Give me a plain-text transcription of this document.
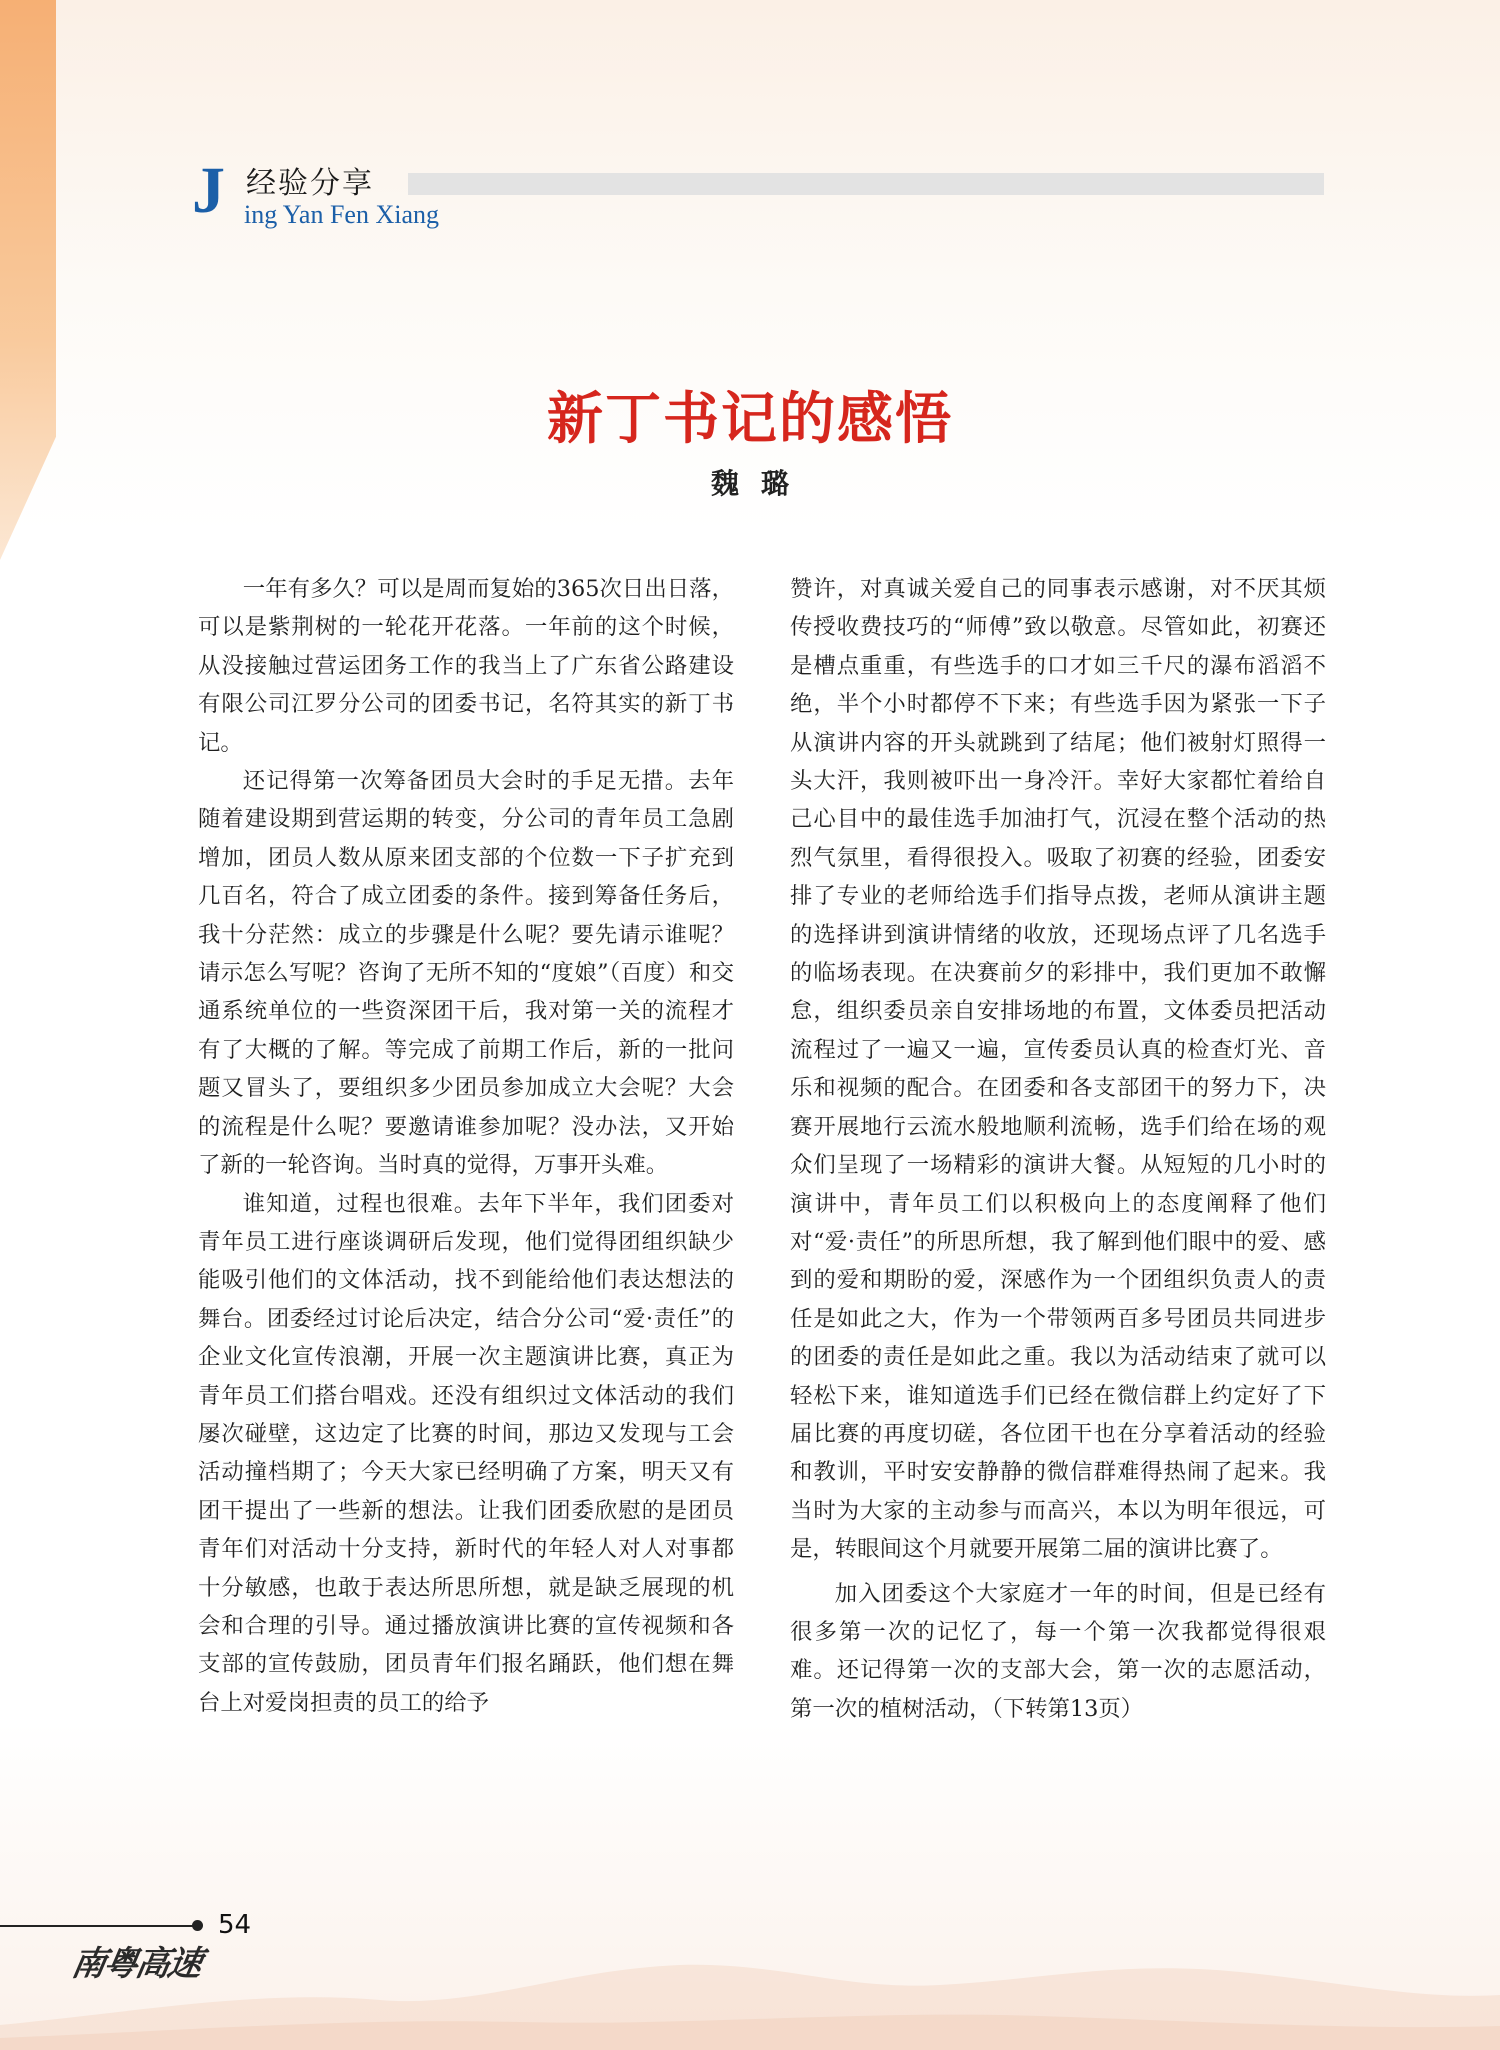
J 经验分享
ing Yan Fen Xiang
新丁书记的感悟
魏璐

一年有多久？可以是周而复始的365次日出日落，可以是紫荆树的一轮花开花落。一年前的这个时候，从没接触过营运团务工作的我当上了广东省公路建设有限公司江罗分公司的团委书记，名符其实的新丁书记。

还记得第一次筹备团员大会时的手足无措。去年随着建设期到营运期的转变，分公司的青年员工急剧增加，团员人数从原来团支部的个位数一下子扩充到几百名，符合了成立团委的条件。接到筹备任务后，我十分茫然：成立的步骤是什么呢？要先请示谁呢？请示怎么写呢？咨询了无所不知的“度娘”（百度）和交通系统单位的一些资深团干后，我对第一关的流程才有了大概的了解。等完成了前期工作后，新的一批问题又冒头了，要组织多少团员参加成立大会呢？大会的流程是什么呢？要邀请谁参加呢？没办法，又开始了新的一轮咨询。当时真的觉得，万事开头难。

谁知道，过程也很难。去年下半年，我们团委对青年员工进行座谈调研后发现，他们觉得团组织缺少能吸引他们的文体活动，找不到能给他们表达想法的舞台。团委经过讨论后决定，结合分公司“爱·责任”的企业文化宣传浪潮，开展一次主题演讲比赛，真正为青年员工们搭台唱戏。还没有组织过文体活动的我们屡次碰壁，这边定了比赛的时间，那边又发现与工会活动撞档期了；今天大家已经明确了方案，明天又有团干提出了一些新的想法。让我们团委欣慰的是团员青年们对活动十分支持，新时代的年轻人对人对事都十分敏感，也敢于表达所思所想，就是缺乏展现的机会和合理的引导。通过播放演讲比赛的宣传视频和各支部的宣传鼓励，团员青年们报名踊跃，他们想在舞台上对爱岗担责的员工的给予

赞许，对真诚关爱自己的同事表示感谢，对不厌其烦传授收费技巧的“师傅”致以敬意。尽管如此，初赛还是槽点重重，有些选手的口才如三千尺的瀑布滔滔不绝，半个小时都停不下来；有些选手因为紧张一下子从演讲内容的开头就跳到了结尾；他们被射灯照得一头大汗，我则被吓出一身冷汗。幸好大家都忙着给自己心目中的最佳选手加油打气，沉浸在整个活动的热烈气氛里，看得很投入。吸取了初赛的经验，团委安排了专业的老师给选手们指导点拨，老师从演讲主题的选择讲到演讲情绪的收放，还现场点评了几名选手的临场表现。在决赛前夕的彩排中，我们更加不敢懈怠，组织委员亲自安排场地的布置，文体委员把活动流程过了一遍又一遍，宣传委员认真的检查灯光、音乐和视频的配合。在团委和各支部团干的努力下，决赛开展地行云流水般地顺利流畅，选手们给在场的观众们呈现了一场精彩的演讲大餐。从短短的几小时的演讲中，青年员工们以积极向上的态度阐释了他们对“爱·责任”的所思所想，我了解到他们眼中的爱、感到的爱和期盼的爱，深感作为一个团组织负责人的责任是如此之大，作为一个带领两百多号团员共同进步的团委的责任是如此之重。我以为活动结束了就可以轻松下来，谁知道选手们已经在微信群上约定好了下届比赛的再度切磋，各位团干也在分享着活动的经验和教训，平时安安静静的微信群难得热闹了起来。我当时为大家的主动参与而高兴，本以为明年很远，可是，转眼间这个月就要开展第二届的演讲比赛了。

加入团委这个大家庭才一年的时间，但是已经有很多第一次的记忆了，每一个第一次我都觉得很艰难。还记得第一次的支部大会，第一次的志愿活动，第一次的植树活动，（下转第13页）

54
南粤高速
